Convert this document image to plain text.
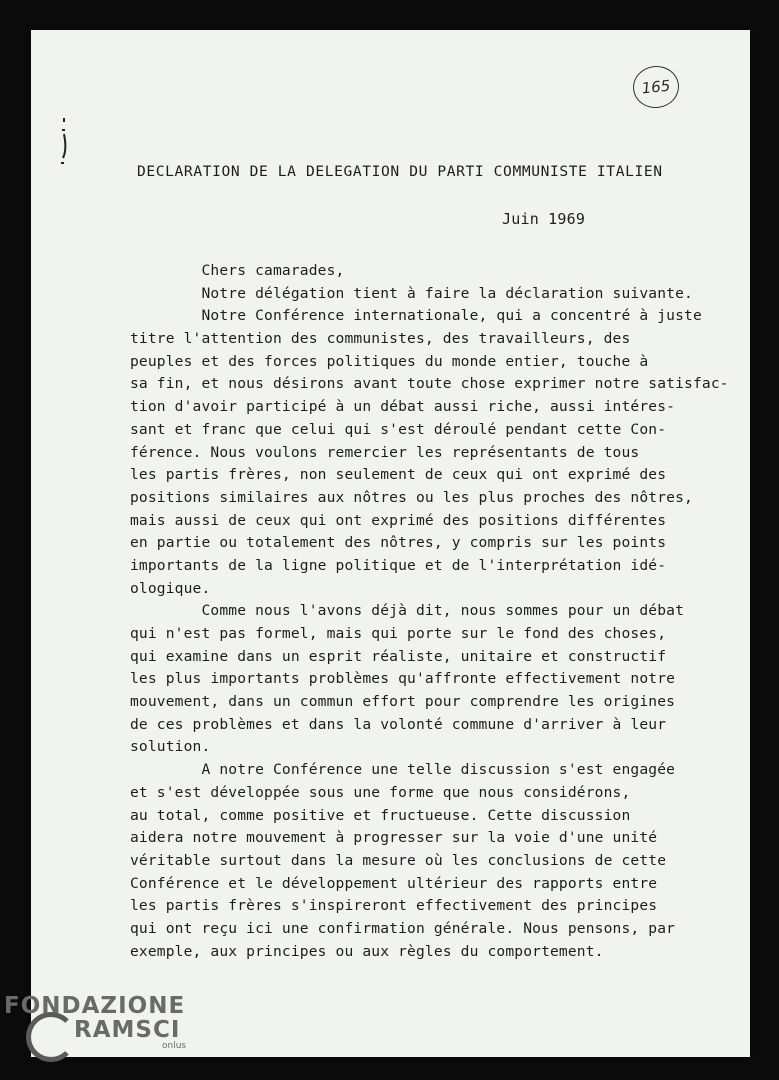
165
DECLARATION DE LA DELEGATION DU PARTI COMMUNISTE ITALIEN
Juin 1969
Chers camarades,
Notre délégation tient à faire la déclaration suivante.
Notre Conférence internationale, qui a concentré à juste
titre l'attention des communistes, des travailleurs, des
peuples et des forces politiques du monde entier, touche à
sa fin, et nous désirons avant toute chose exprimer notre satisfac-
tion d'avoir participé à un débat aussi riche, aussi intéres-
sant et franc que celui qui s'est déroulé pendant cette Con-
férence. Nous voulons remercier les représentants de tous
les partis frères, non seulement de ceux qui ont exprimé des
positions similaires aux nôtres ou les plus proches des nôtres,
mais aussi de ceux qui ont exprimé des positions différentes
en partie ou totalement des nôtres, y compris sur les points
importants de la ligne politique et de l'interprétation idé-
ologique.
Comme nous l'avons déjà dit, nous sommes pour un débat
qui n'est pas formel, mais qui porte sur le fond des choses,
qui examine dans un esprit réaliste, unitaire et constructif
les plus importants problèmes qu'affronte effectivement notre
mouvement, dans un commun effort pour comprendre les origines
de ces problèmes et dans la volonté commune d'arriver à leur
solution.
A notre Conférence une telle discussion s'est engagée
et s'est développée sous une forme que nous considérons,
au total, comme positive et fructueuse. Cette discussion
aidera notre mouvement à progresser sur la voie d'une unité
véritable surtout dans la mesure où les conclusions de cette
Conférence et le développement ultérieur des rapports entre
les partis frères s'inspireront effectivement des principes
qui ont reçu ici une confirmation générale. Nous pensons, par
exemple, aux principes ou aux règles du comportement.
FONDAZIONE
RAMSCI
onlus
